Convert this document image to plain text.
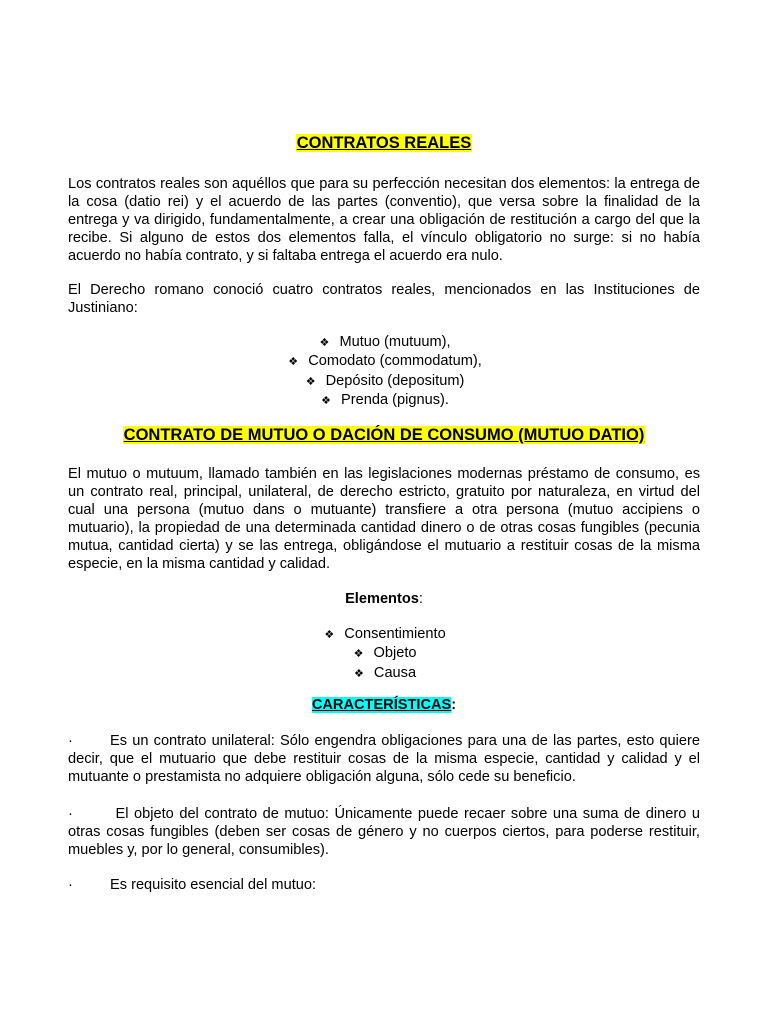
CONTRATOS REALES
Los contratos reales son aquéllos que para su perfección necesitan dos elementos: la entrega de la cosa (datio rei) y el acuerdo de las partes (conventio), que versa sobre la finalidad de la entrega y va dirigido, fundamentalmente, a crear una obligación de restitución a cargo del que la recibe. Si alguno de estos dos elementos falla, el vínculo obligatorio no surge: si no había acuerdo no había contrato, y si faltaba entrega el acuerdo era nulo.
El Derecho romano conoció cuatro contratos reales, mencionados en las Instituciones de Justiniano:
❖ Mutuo (mutuum),
❖ Comodato (commodatum),
❖ Depósito (depositum)
❖ Prenda (pignus).
CONTRATO DE MUTUO O DACIÓN DE CONSUMO (MUTUO DATIO)
El mutuo o mutuum, llamado también en las legislaciones modernas préstamo de consumo, es un contrato real, principal, unilateral, de derecho estricto, gratuito por naturaleza, en virtud del cual una persona (mutuo dans o mutuante) transfiere a otra persona (mutuo accipiens o mutuario), la propiedad de una determinada cantidad dinero o de otras cosas fungibles (pecunia mutua, cantidad cierta) y se las entrega, obligándose el mutuario a restituir cosas de la misma especie, en la misma cantidad y calidad.
Elementos:
❖ Consentimiento
❖ Objeto
❖ Causa
CARACTERÍSTICAS:
·	Es un contrato unilateral: Sólo engendra obligaciones para una de las partes, esto quiere decir, que el mutuario que debe restituir cosas de la misma especie, cantidad y calidad y el mutuante o prestamista no adquiere obligación alguna, sólo cede su beneficio.
·	El objeto del contrato de mutuo: Únicamente puede recaer sobre una suma de dinero u otras cosas fungibles (deben ser cosas de género y no cuerpos ciertos, para poderse restituir, muebles y, por lo general, consumibles).
·	Es requisito esencial del mutuo:
